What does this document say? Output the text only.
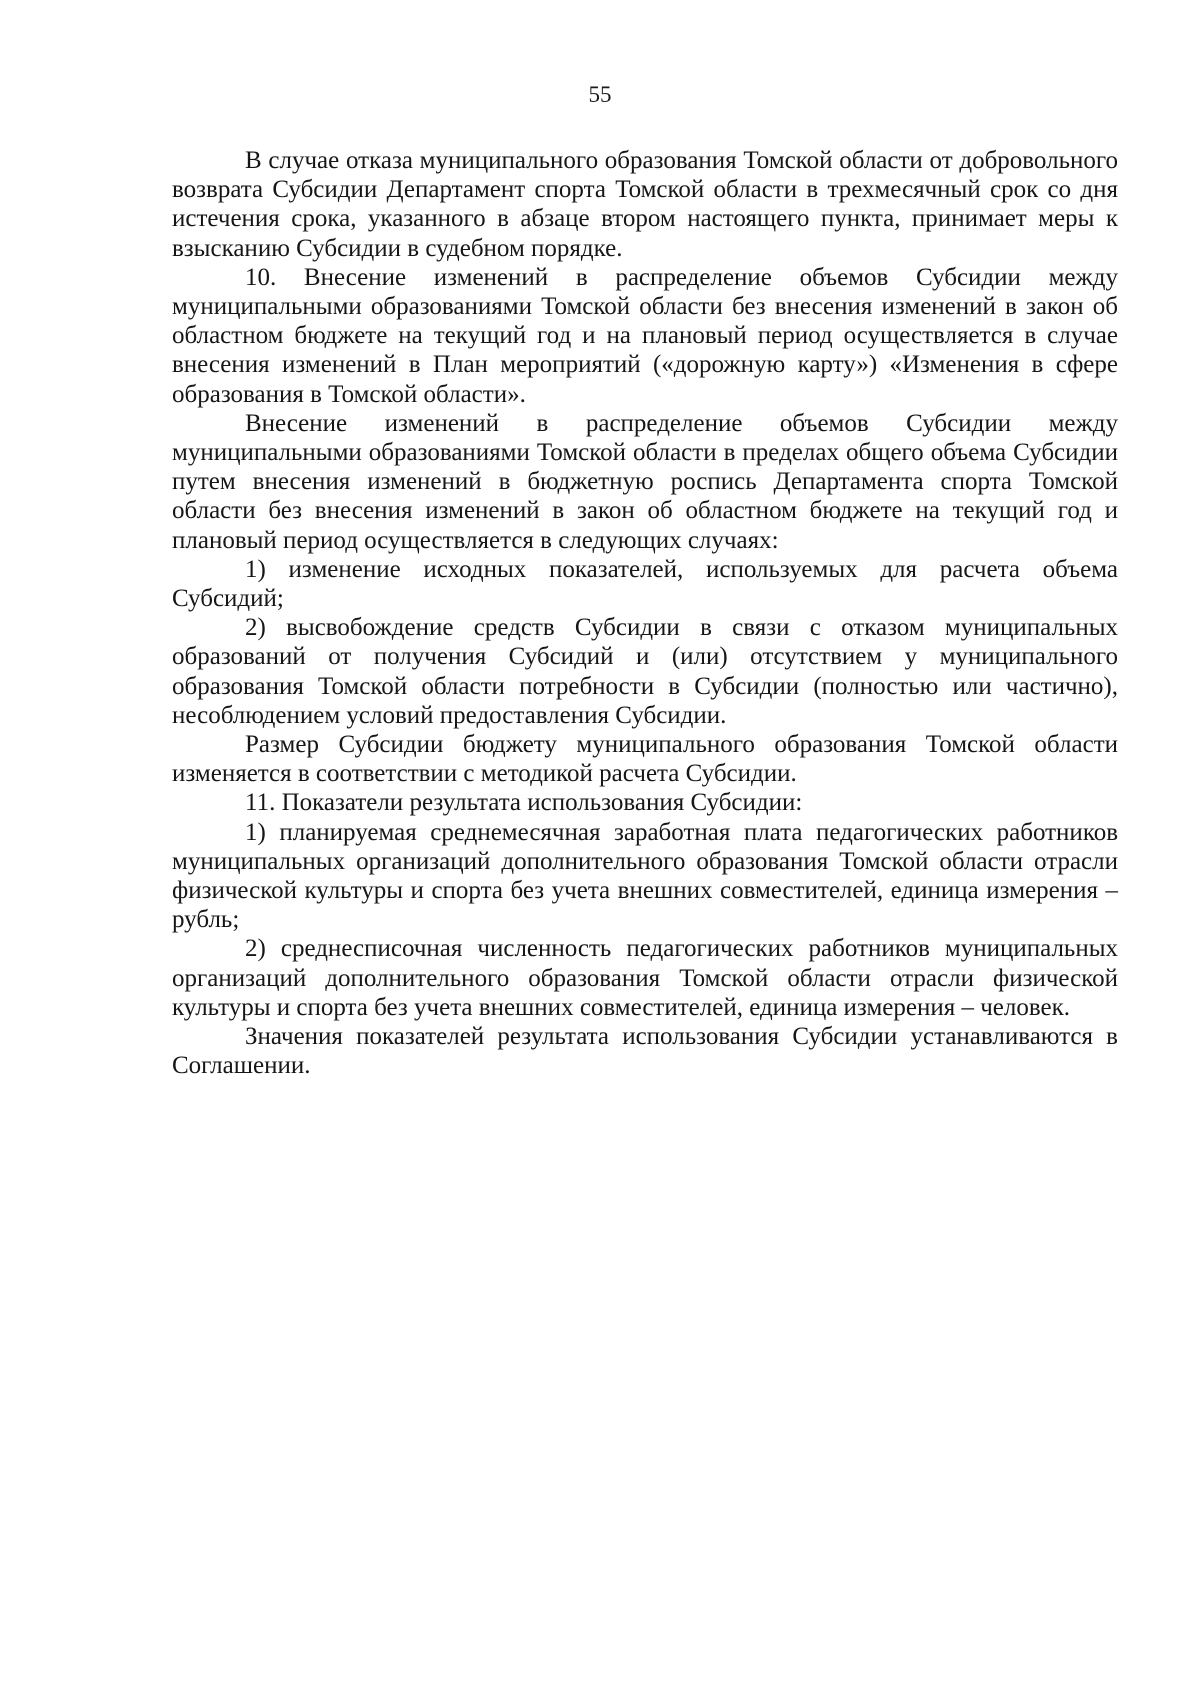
55

В случае отказа муниципального образования Томской области от добровольного возврата Субсидии Департамент спорта Томской области в трехмесячный срок со дня истечения срока, указанного в абзаце втором настоящего пункта, принимает меры к взысканию Субсидии в судебном порядке.

10. Внесение изменений в распределение объемов Субсидии между муниципальными образованиями Томской области без внесения изменений в закон об областном бюджете на текущий год и на плановый период осуществляется в случае внесения изменений в План мероприятий («дорожную карту») «Изменения в сфере образования в Томской области».

Внесение изменений в распределение объемов Субсидии между муниципальными образованиями Томской области в пределах общего объема Субсидии путем внесения изменений в бюджетную роспись Департамента спорта Томской области без внесения изменений в закон об областном бюджете на текущий год и плановый период осуществляется в следующих случаях:

1) изменение исходных показателей, используемых для расчета объема Субсидий;

2) высвобождение средств Субсидии в связи с отказом муниципальных образований от получения Субсидий и (или) отсутствием у муниципального образования Томской области потребности в Субсидии (полностью или частично), несоблюдением условий предоставления Субсидии.

Размер Субсидии бюджету муниципального образования Томской области изменяется в соответствии с методикой расчета Субсидии.

11. Показатели результата использования Субсидии:

1) планируемая среднемесячная заработная плата педагогических работников муниципальных организаций дополнительного образования Томской области отрасли физической культуры и спорта без учета внешних совместителей, единица измерения – рубль;

2) среднесписочная численность педагогических работников муниципальных организаций дополнительного образования Томской области отрасли физической культуры и спорта без учета внешних совместителей, единица измерения – человек.

Значения показателей результата использования Субсидии устанавливаются в Соглашении.
